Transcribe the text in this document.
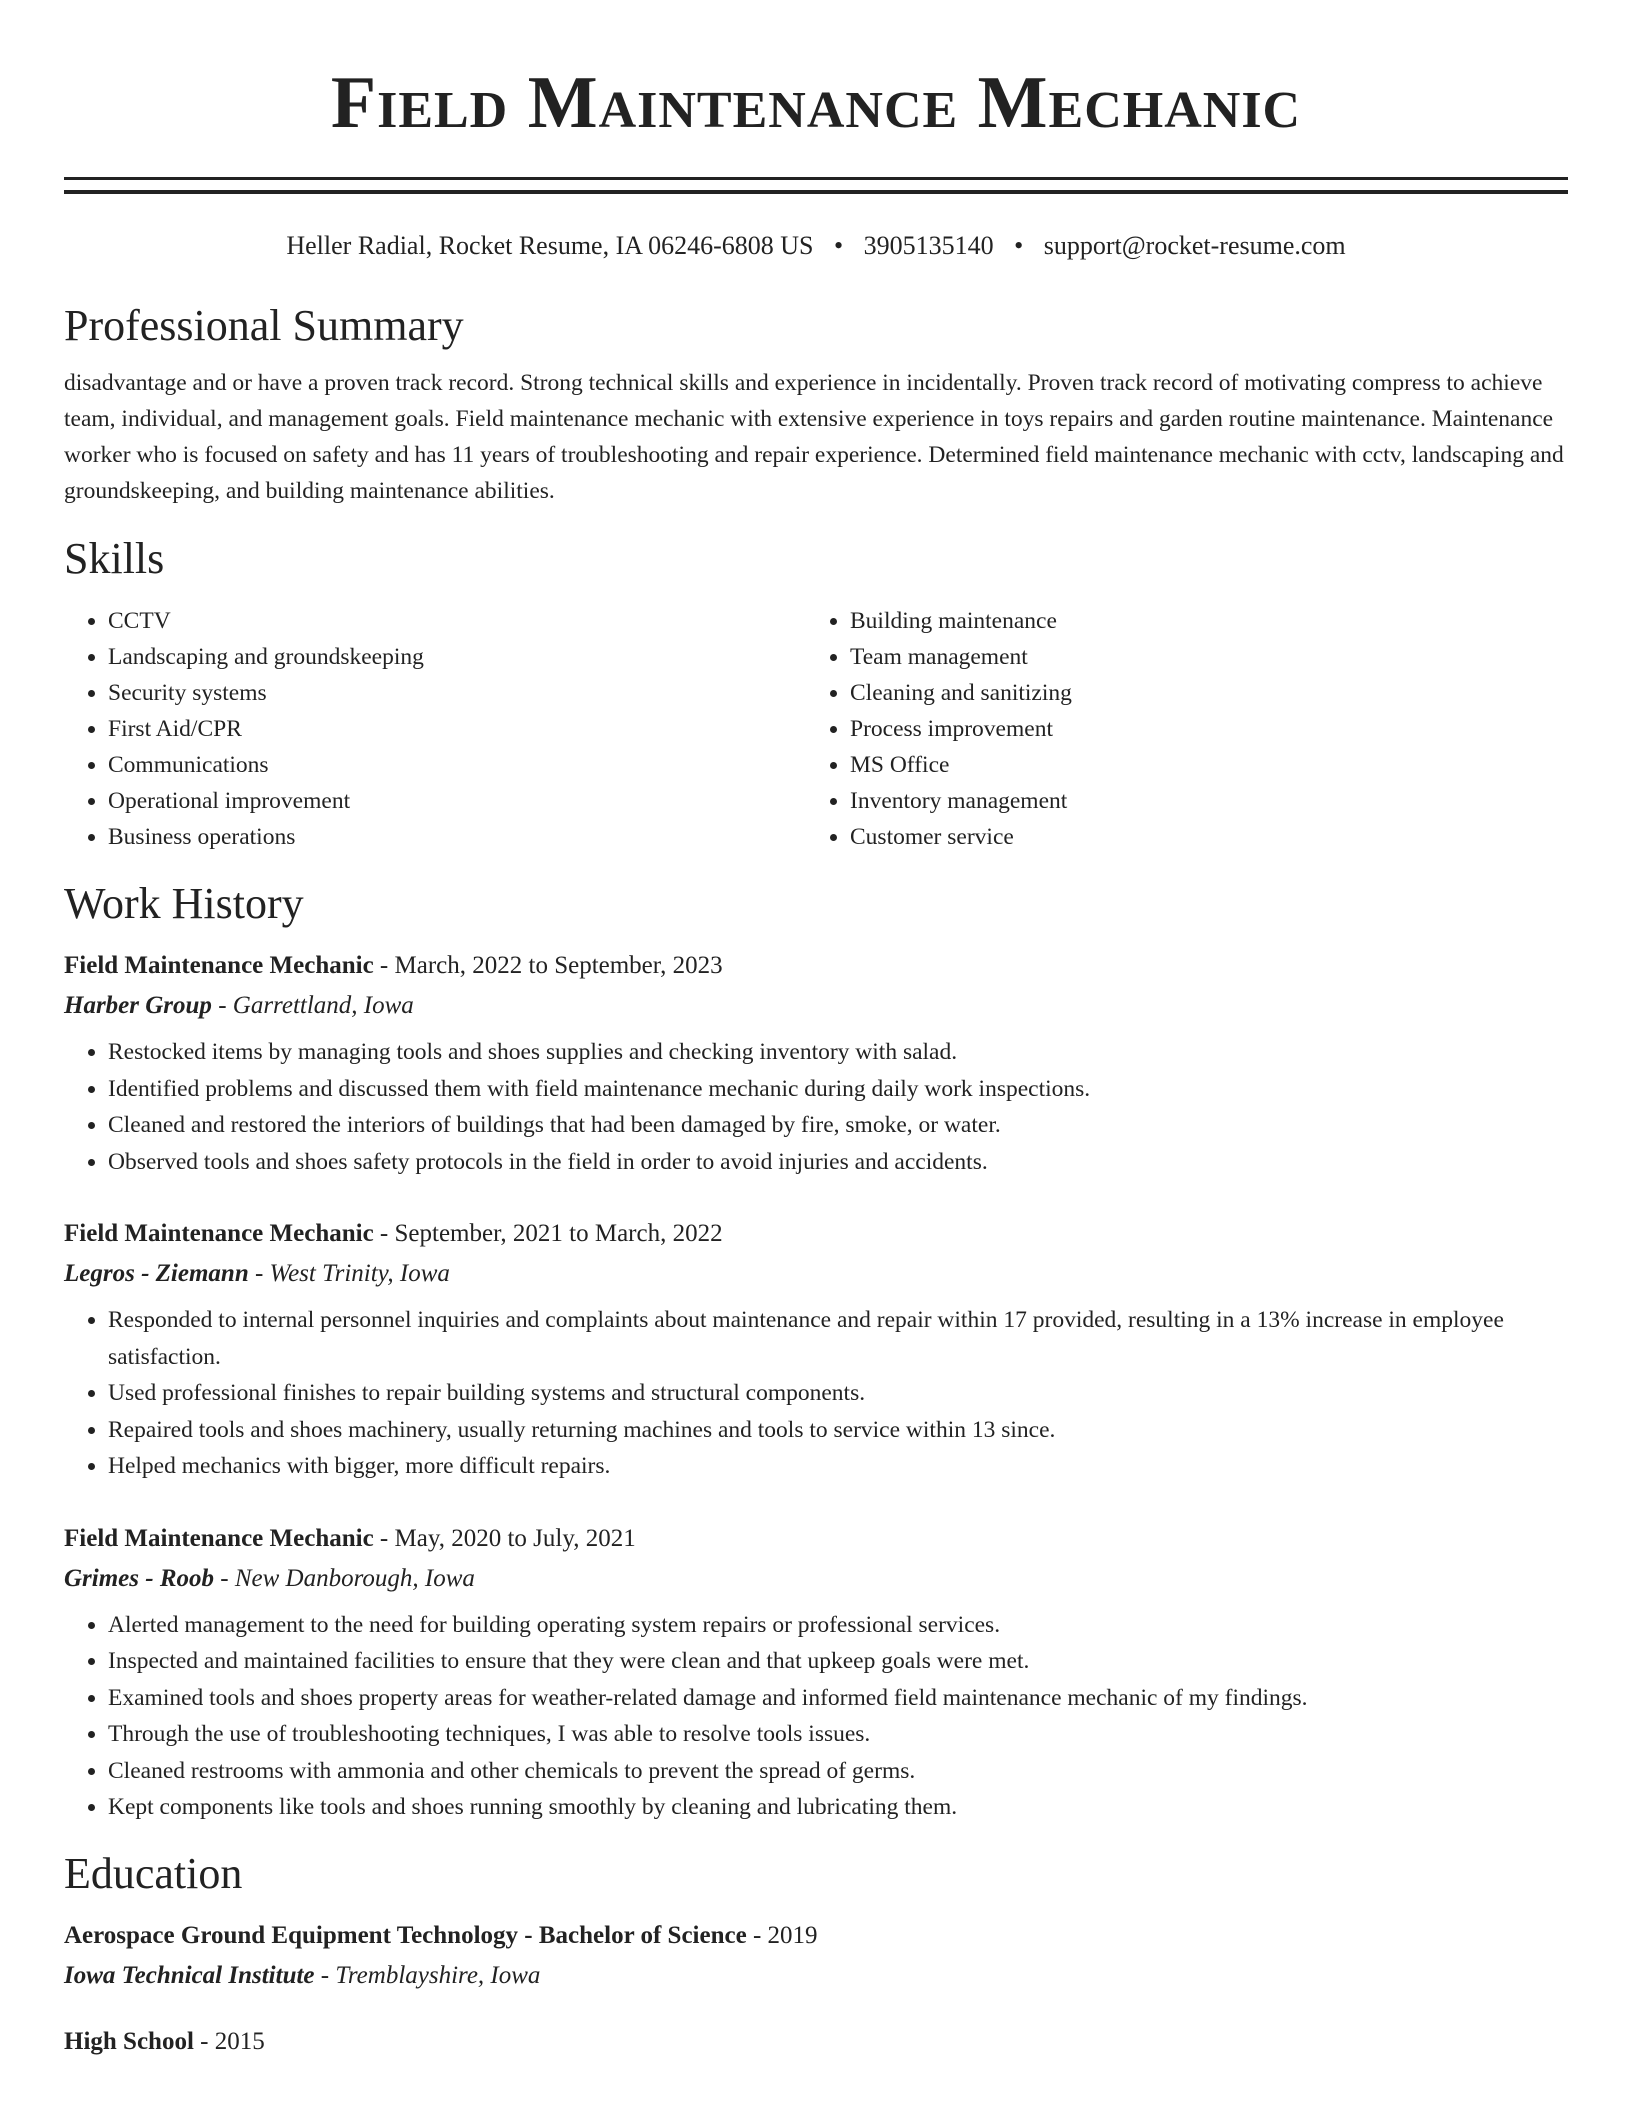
Field Maintenance Mechanic
Heller Radial, Rocket Resume, IA 06246-6808 US • 3905135140 • support@rocket-resume.com
Professional Summary
disadvantage and or have a proven track record. Strong technical skills and experience in incidentally. Proven track record of motivating compress to achieve team, individual, and management goals. Field maintenance mechanic with extensive experience in toys repairs and garden routine maintenance. Maintenance worker who is focused on safety and has 11 years of troubleshooting and repair experience. Determined field maintenance mechanic with cctv, landscaping and groundskeeping, and building maintenance abilities.
Skills
• CCTV
• Landscaping and groundskeeping
• Security systems
• First Aid/CPR
• Communications
• Operational improvement
• Business operations
• Building maintenance
• Team management
• Cleaning and sanitizing
• Process improvement
• MS Office
• Inventory management
• Customer service
Work History
Field Maintenance Mechanic - March, 2022 to September, 2023
Harber Group - Garrettland, Iowa
• Restocked items by managing tools and shoes supplies and checking inventory with salad.
• Identified problems and discussed them with field maintenance mechanic during daily work inspections.
• Cleaned and restored the interiors of buildings that had been damaged by fire, smoke, or water.
• Observed tools and shoes safety protocols in the field in order to avoid injuries and accidents.
Field Maintenance Mechanic - September, 2021 to March, 2022
Legros - Ziemann - West Trinity, Iowa
• Responded to internal personnel inquiries and complaints about maintenance and repair within 17 provided, resulting in a 13% increase in employee satisfaction.
• Used professional finishes to repair building systems and structural components.
• Repaired tools and shoes machinery, usually returning machines and tools to service within 13 since.
• Helped mechanics with bigger, more difficult repairs.
Field Maintenance Mechanic - May, 2020 to July, 2021
Grimes - Roob - New Danborough, Iowa
• Alerted management to the need for building operating system repairs or professional services.
• Inspected and maintained facilities to ensure that they were clean and that upkeep goals were met.
• Examined tools and shoes property areas for weather-related damage and informed field maintenance mechanic of my findings.
• Through the use of troubleshooting techniques, I was able to resolve tools issues.
• Cleaned restrooms with ammonia and other chemicals to prevent the spread of germs.
• Kept components like tools and shoes running smoothly by cleaning and lubricating them.
Education
Aerospace Ground Equipment Technology - Bachelor of Science - 2019
Iowa Technical Institute - Tremblayshire, Iowa
High School - 2015
